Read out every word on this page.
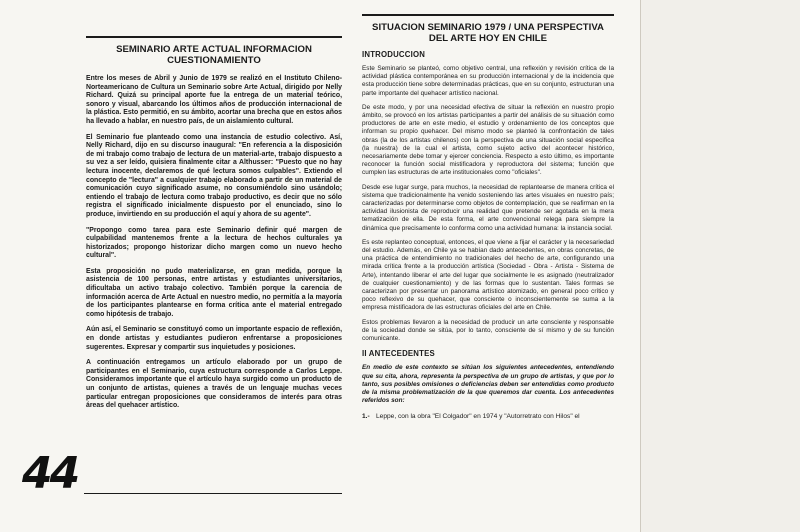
SEMINARIO ARTE ACTUAL INFORMACION
CUESTIONAMIENTO

Entre los meses de Abril y Junio de 1979 se realizó en el Instituto Chileno-Norteamericano de Cultura un Seminario sobre Arte Actual, dirigido por Nelly Richard. Quizá su principal aporte fue la entrega de un material teórico, sonoro y visual, abarcando los últimos años de producción internacional de la plástica. Esto permitió, en su ámbito, acortar una brecha que en estos años ha llevado a hablar, en nuestro país, de un aislamiento cultural.

El Seminario fue planteado como una instancia de estudio colectivo. Así, Nelly Richard, dijo en su discurso inaugural: "En referencia a la disposición de mi trabajo como trabajo de lectura de un material-arte, trabajo dispuesto a su vez a ser leído, quisiera finalmente citar a Althusser: "Puesto que no hay lectura inocente, declaremos de qué lectura somos culpables". Extiendo el concepto de "lectura" a cualquier trabajo elaborado a partir de un material de comunicación cuyo significado asume, no consumiéndolo sino usándolo; entiendo el trabajo de lectura como trabajo productivo, es decir que no sólo registra el significado inicialmente dispuesto por el enunciado, sino lo produce, invirtiendo en su producción el aquí y ahora de su agente".

"Propongo como tarea para este Seminario definir qué margen de culpabilidad mantenemos frente a la lectura de hechos culturales ya historizados; propongo historizar dicho margen como un nuevo hecho cultural".

Esta proposición no pudo materializarse, en gran medida, porque la asistencia de 100 personas, entre artistas y estudiantes universitarios, dificultaba un activo trabajo colectivo. También porque la carencia de información acerca de Arte Actual en nuestro medio, no permitía a la mayoría de los participantes plantearse en forma crítica ante el material entregado como hipótesis de trabajo.

Aún así, el Seminario se constituyó como un importante espacio de reflexión, en donde artistas y estudiantes pudieron enfrentarse a proposiciones sugerentes. Expresar y compartir sus inquietudes y posiciones.

A continuación entregamos un artículo elaborado por un grupo de participantes en el Seminario, cuya estructura corresponde a Carlos Leppe. Consideramos importante que el artículo haya surgido como un producto de un conjunto de artistas, quienes a través de un lenguaje muchas veces particular entregan proposiciones que consideramos de interés para otras áreas del quehacer artístico.

44
SITUACION SEMINARIO 1979 / UNA PERSPECTIVA
DEL ARTE HOY EN CHILE
INTRODUCCION

Este Seminario se planteó, como objetivo central, una reflexión y revisión crítica de la actividad plástica contemporánea en su producción internacional y de la incidencia que esta producción tiene sobre determinadas prácticas, que en su conjunto, estructuran una parte importante del quehacer artístico nacional.

De este modo, y por una necesidad efectiva de situar la reflexión en nuestro propio ámbito, se provocó en los artistas participantes a partir del análisis de su situación como productores de arte en este medio, el estudio y ordenamiento de los conceptos que informan su propio quehacer. Del mismo modo se planteó la confrontación de tales obras (la de los artistas chilenos) con la perspectiva de una situación social específica (la nuestra) de la cual el artista, como sujeto activo del acontecer histórico, necesariamente debe tomar y ejercer conciencia. Respecto a esto último, es importante reconocer la función social mistificadora y reproductora del sistema; función que cumplen las estructuras de arte institucionales como "oficiales".

Desde ese lugar surge, para muchos, la necesidad de replantearse de manera crítica el sistema que tradicionalmente ha venido sosteniendo las artes visuales en nuestro país; caracterizadas por determinarse como objetos de contemplación, que se reafirman en la actividad ilusionista de reproducir una realidad que pretende ser agotada en la mera tematización de ella. De esta forma, el arte convencional relega para siempre la dinámica que precisamente lo conforma como una actividad humana: la instancia social.

Es este replanteo conceptual, entonces, el que viene a fijar el carácter y la necesariedad del estudio. Además, en Chile ya se habían dado antecedentes, en obras concretas, de una práctica de entendimiento no tradicionales del hecho de arte, configurando una mirada crítica frente a la producción artística (Sociedad - Obra - Artista - Sistema de Arte), intentando liberar el arte del lugar que socialmente le es asignado (neutralizador de cualquier cuestionamiento) y de las formas que lo sustentan. Tales formas se caracterizan por presentar un panorama artístico atomizado, en general poco crítico y poco reflexivo de su quehacer, que consciente o inconscientemente se suma a la empresa mistificadora de las estructuras oficiales del arte en Chile.

Estos problemas llevaron a la necesidad de producir un arte consciente y responsable de la sociedad donde se sitúa, por lo tanto, consciente de sí mismo y de su función comunicante.

II ANTECEDENTES

En medio de este contexto se sitúan los siguientes antecedentes, entendiendo que su cita, ahora, representa la perspectiva de un grupo de artistas, y que por lo tanto, sus posibles omisiones o deficiencias deben ser entendidas como producto de la misma problematización de la que queremos dar cuenta. Los antecedentes referidos son:

1.- Leppe, con la obra "El Colgador" en 1974 y "Autorretrato con Hilos" el
